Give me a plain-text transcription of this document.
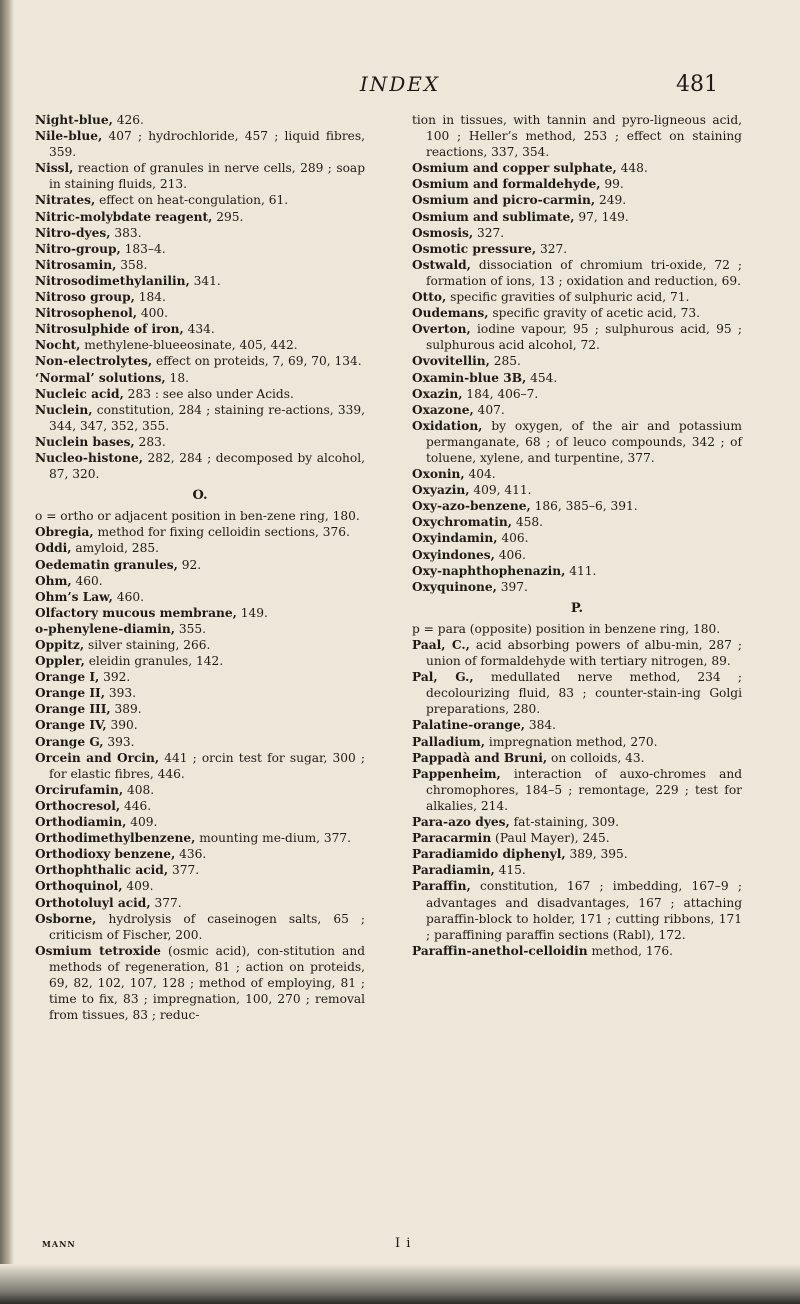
INDEX	481

Night-blue, 426.

Nile-blue, 407 ; hydrochloride, 457 ; liquid fibres, 359.

Nissl, reaction of granules in nerve cells, 289 ; soap in staining fluids, 213.

Nitrates, effect on heat-congulation, 61.

Nitric-molybdate reagent, 295.

Nitro-dyes, 383.

Nitro-group, 183–4.

Nitrosamin, 358.

Nitrosodimethylanilin, 341.

Nitroso group, 184.

Nitrosophenol, 400.

Nitrosulphide of iron, 434.

Nocht, methylene-blueeosinate, 405, 442.

Non-electrolytes, effect on proteids, 7, 69, 70, 134.

‘Normal’ solutions, 18.

Nucleic acid, 283 : see also under Acids.

Nuclein, constitution, 284 ; staining re-actions, 339, 344, 347, 352, 355.

Nuclein bases, 283.

Nucleo-histone, 282, 284 ; decomposed by alcohol, 87, 320.

O.

o = ortho or adjacent position in ben-zene ring, 180.

Obregia, method for fixing celloidin sections, 376.

Oddi, amyloid, 285.

Oedematin granules, 92.

Ohm, 460.

Ohm’s Law, 460.

Olfactory mucous membrane, 149.

o-phenylene-diamin, 355.

Oppitz, silver staining, 266.

Oppler, eleidin granules, 142.

Orange I, 392.

Orange II, 393.

Orange III, 389.

Orange IV, 390.

Orange G, 393.

Orcein and Orcin, 441 ; orcin test for sugar, 300 ; for elastic fibres, 446.

Orcirufamin, 408.

Orthocresol, 446.

Orthodiamin, 409.

Orthodimethylbenzene, mounting me-dium, 377.

Orthodioxy benzene, 436.

Orthophthalic acid, 377.

Orthoquinol, 409.

Orthotoluyl acid, 377.

Osborne, hydrolysis of caseinogen salts, 65 ; criticism of Fischer, 200.

Osmium tetroxide (osmic acid), con-stitution and methods of regeneration, 81 ; action on proteids, 69, 82, 102, 107, 128 ; method of employing, 81 ; time to fix, 83 ; impregnation, 100, 270 ; removal from tissues, 83 ; reduc-

tion in tissues, with tannin and pyro-ligneous acid, 100 ; Heller’s method, 253 ; effect on staining reactions, 337, 354.

Osmium and copper sulphate, 448.

Osmium and formaldehyde, 99.

Osmium and picro-carmin, 249.

Osmium and sublimate, 97, 149.

Osmosis, 327.

Osmotic pressure, 327.

Ostwald, dissociation of chromium tri-oxide, 72 ; formation of ions, 13 ; oxidation and reduction, 69.

Otto, specific gravities of sulphuric acid, 71.

Oudemans, specific gravity of acetic acid, 73.

Overton, iodine vapour, 95 ; sulphurous acid, 95 ; sulphurous acid alcohol, 72.

Ovovitellin, 285.

Oxamin-blue 3B, 454.

Oxazin, 184, 406–7.

Oxazone, 407.

Oxidation, by oxygen, of the air and potassium permanganate, 68 ; of leuco compounds, 342 ; of toluene, xylene, and turpentine, 377.

Oxonin, 404.

Oxyazin, 409, 411.

Oxy-azo-benzene, 186, 385–6, 391.

Oxychromatin, 458.

Oxyindamin, 406.

Oxyindones, 406.

Oxy-naphthophenazin, 411.

Oxyquinone, 397.

P.

p = para (opposite) position in benzene ring, 180.

Paal, C., acid absorbing powers of albu-min, 287 ; union of formaldehyde with tertiary nitrogen, 89.

Pal, G., medullated nerve method, 234 ; decolourizing fluid, 83 ; counter-stain-ing Golgi preparations, 280.

Palatine-orange, 384.

Palladium, impregnation method, 270.

Pappadà and Bruni, on colloids, 43.

Pappenheim, interaction of auxo-chromes and chromophores, 184–5 ; remontage, 229 ; test for alkalies, 214.

Para-azo dyes, fat-staining, 309.

Paracarmin (Paul Mayer), 245.

Paradiamido diphenyl, 389, 395.

Paradiamin, 415.

Paraffin, constitution, 167 ; imbedding, 167–9 ; advantages and disadvantages, 167 ; attaching paraffin-block to holder, 171 ; cutting ribbons, 171 ; paraffining paraffin sections (Rabl), 172.

Paraffin-anethol-celloidin method, 176.

MANN	I i
